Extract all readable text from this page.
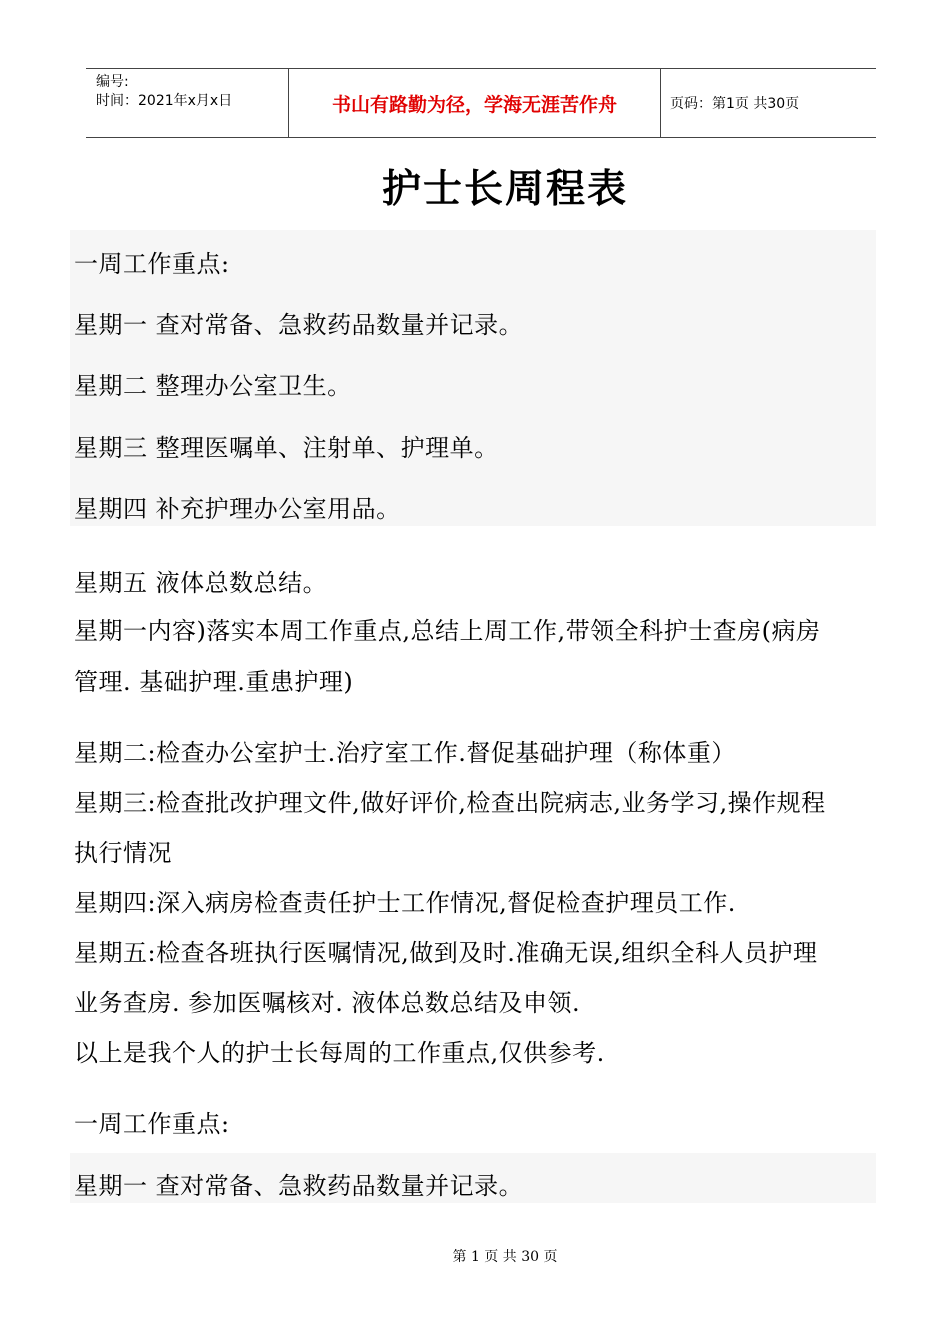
编号:
时间：2021年x月x日	书山有路勤为径，学海无涯苦作舟	页码：第1页 共30页
护士长周程表
一周工作重点:
星期一 查对常备、急救药品数量并记录。
星期二 整理办公室卫生。
星期三 整理医嘱单、注射单、护理单。
星期四 补充护理办公室用品。
星期五 液体总数总结。
星期一内容)落实本周工作重点,总结上周工作,带领全科护士查房(病房
管理. 基础护理.重患护理)
星期二:检查办公室护士.治疗室工作.督促基础护理（称体重）
星期三:检查批改护理文件,做好评价,检查出院病志,业务学习,操作规程
执行情况
星期四:深入病房检查责任护士工作情况,督促检查护理员工作.
星期五:检查各班执行医嘱情况,做到及时.准确无误,组织全科人员护理
业务查房. 参加医嘱核对. 液体总数总结及申领.
以上是我个人的护士长每周的工作重点,仅供参考.
一周工作重点:
星期一 查对常备、急救药品数量并记录。
第 1 页 共 30 页
